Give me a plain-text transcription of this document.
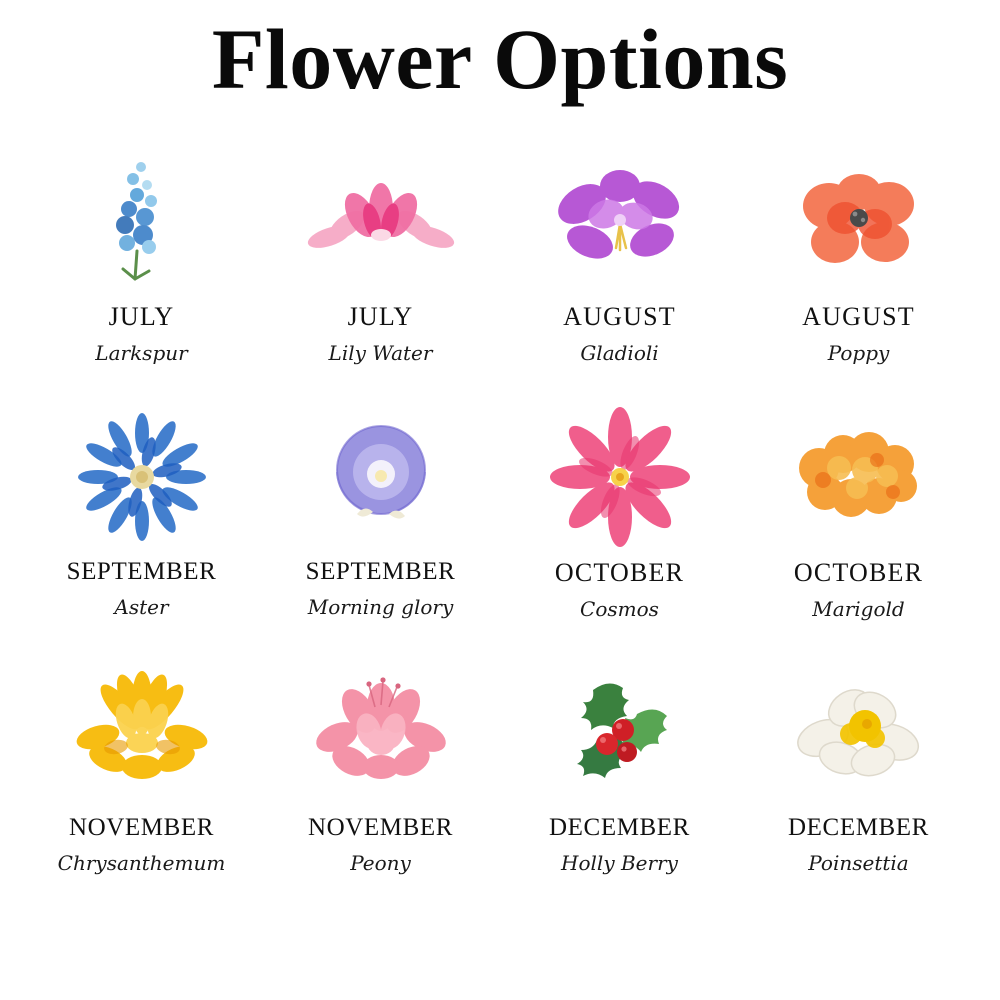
Flower Options
JULY
Larkspur
JULY
Lily Water
AUGUST
Gladioli
AUGUST
Poppy
SEPTEMBER
Aster
SEPTEMBER
Morning glory
OCTOBER
Cosmos
OCTOBER
Marigold
NOVEMBER
Chrysanthemum
NOVEMBER
Peony
DECEMBER
Holly Berry
DECEMBER
Poinsettia
